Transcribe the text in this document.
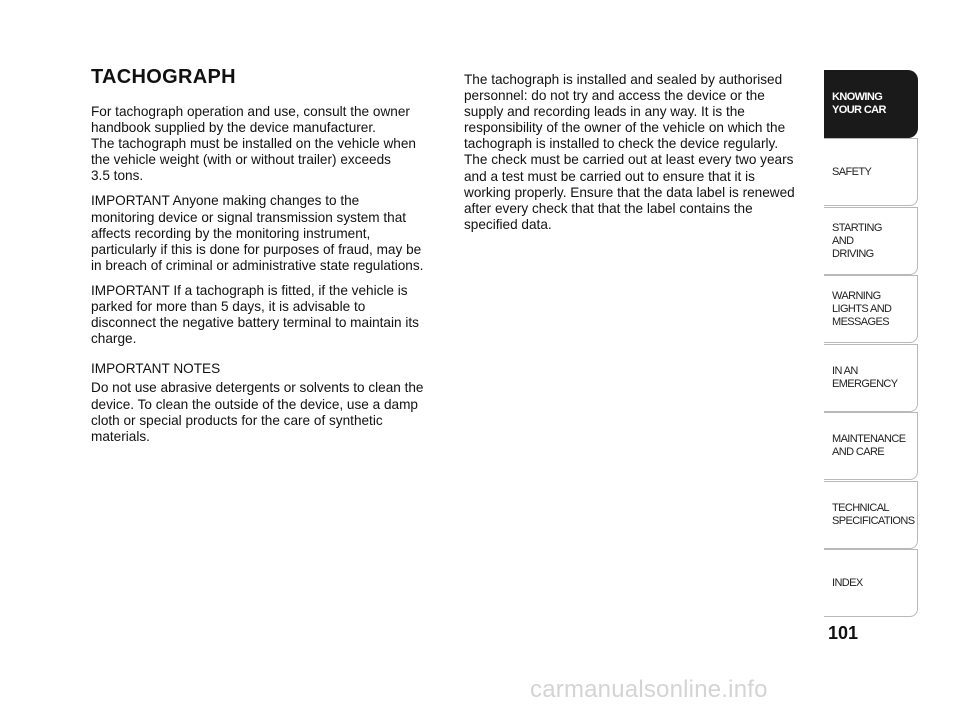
TACHOGRAPH

For tachograph operation and use, consult the owner
handbook supplied by the device manufacturer.
The tachograph must be installed on the vehicle when
the vehicle weight (with or without trailer) exceeds
3.5 tons.

IMPORTANT Anyone making changes to the
monitoring device or signal transmission system that
affects recording by the monitoring instrument,
particularly if this is done for purposes of fraud, may be
in breach of criminal or administrative state regulations.

IMPORTANT If a tachograph is fitted, if the vehicle is
parked for more than 5 days, it is advisable to
disconnect the negative battery terminal to maintain its
charge.

IMPORTANT NOTES

Do not use abrasive detergents or solvents to clean the
device. To clean the outside of the device, use a damp
cloth or special products for the care of synthetic
materials.

The tachograph is installed and sealed by authorised
personnel: do not try and access the device or the
supply and recording leads in any way. It is the
responsibility of the owner of the vehicle on which the
tachograph is installed to check the device regularly.
The check must be carried out at least every two years
and a test must be carried out to ensure that it is
working properly. Ensure that the data label is renewed
after every check that that the label contains the
specified data.

KNOWING
YOUR CAR
SAFETY
STARTING
AND
DRIVING
WARNING
LIGHTS AND
MESSAGES
IN AN
EMERGENCY
MAINTENANCE
AND CARE
TECHNICAL
SPECIFICATIONS
INDEX
101
carmanualsonline.info
